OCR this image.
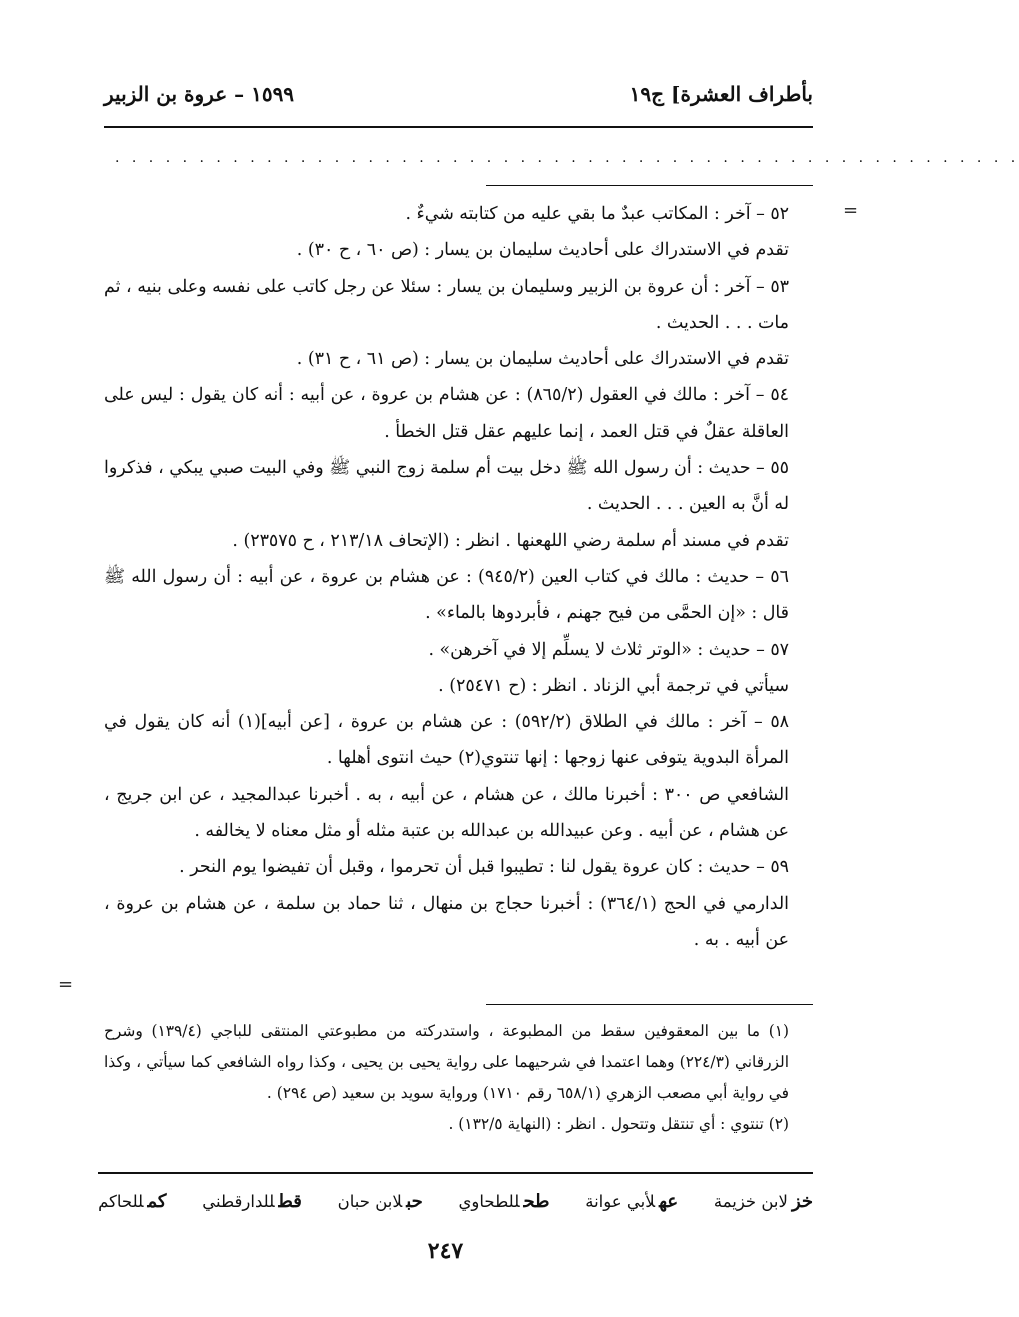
بأطراف العشرة] ج١٩
١٥٩٩ – عروة بن الزبير
. . . . . . . . . . . . . . . . . . . . . . . . . . . . . . . . . . . . . . . . . . . . . . . . . . . . . .
=
=

٥٢ – آخر : المكاتب عبدٌ ما بقي عليه من كتابته شيءٌ .

تقدم في الاستدراك على أحاديث سليمان بن يسار : (ص ٦٠ ، ح ٣٠) .

٥٣ – آخر : أن عروة بن الزبير وسليمان بن يسار : سئلا عن رجل كاتب على نفسه وعلى بنيه ، ثم مات . . . الحديث .

تقدم في الاستدراك على أحاديث سليمان بن يسار : (ص ٦١ ، ح ٣١) .

٥٤ – آخر : مالك في العقول (٨٦٥/٢) : عن هشام بن عروة ، عن أبيه : أنه كان يقول : ليس على العاقلة عقلٌ في قتل العمد ، إنما عليهم عقل قتل الخطأ .

٥٥ – حديث : أن رسول الله ﷺ دخل بيت أم سلمة زوج النبي ﷺ وفي البيت صبي يبكي ، فذكروا له أنَّ به العين . . . الحديث .

تقدم في مسند أم سلمة رضي اللهعنها . انظر : (الإتحاف ٢١٣/١٨ ، ح ٢٣٥٧٥) .

٥٦ – حديث : مالك في كتاب العين (٩٤٥/٢) : عن هشام بن عروة ، عن أبيه : أن رسول الله ﷺ قال : «إن الحمَّى من فيح جهنم ، فأبردوها بالماء» .

٥٧ – حديث : «الوتر ثلاث لا يسلِّم إلا في آخرهن» .

سيأتي في ترجمة أبي الزناد . انظر : (ح ٢٥٤٧١) .

٥٨ – آخر : مالك في الطلاق (٥٩٢/٢) : عن هشام بن عروة ، [عن أبيه](١) أنه كان يقول في المرأة البدوية يتوفى عنها زوجها : إنها تنتوي(٢) حيث انتوى أهلها .

الشافعي ص ٣٠٠ : أخبرنا مالك ، عن هشام ، عن أبيه ، به . أخبرنا عبدالمجيد ، عن ابن جريج ، عن هشام ، عن أبيه . وعن عبيدالله بن عبدالله بن عتبة مثله أو مثل معناه لا يخالفه .

٥٩ – حديث : كان عروة يقول لنا : تطيبوا قبل أن تحرموا ، وقبل أن تفيضوا يوم النحر .

الدارمي في الحج (٣٦٤/١) : أخبرنا حجاج بن منهال ، ثنا حماد بن سلمة ، عن هشام بن عروة ، عن أبيه . به .

(١) ما بين المعقوفين سقط من المطبوعة ، واستدركته من مطبوعتي المنتقى للباجي (١٣٩/٤) وشرح الزرقاني (٢٢٤/٣) وهما اعتمدا في شرحيهما على رواية يحيى بن يحيى ، وكذا رواه الشافعي كما سيأتي ، وكذا في رواية أبي مصعب الزهري (٦٥٨/١ رقم ١٧١٠) ورواية سويد بن سعيد (ص ٢٩٤) .

(٢) تنتوي : أي تنتقل وتتحول . انظر : (النهاية ١٣٢/٥) .

خزلابن خزيمة
عهلأبي عوانة
طحللطحاوي
حبلابن حبان
قطللدارقطني
كمللحاكم
٢٤٧
